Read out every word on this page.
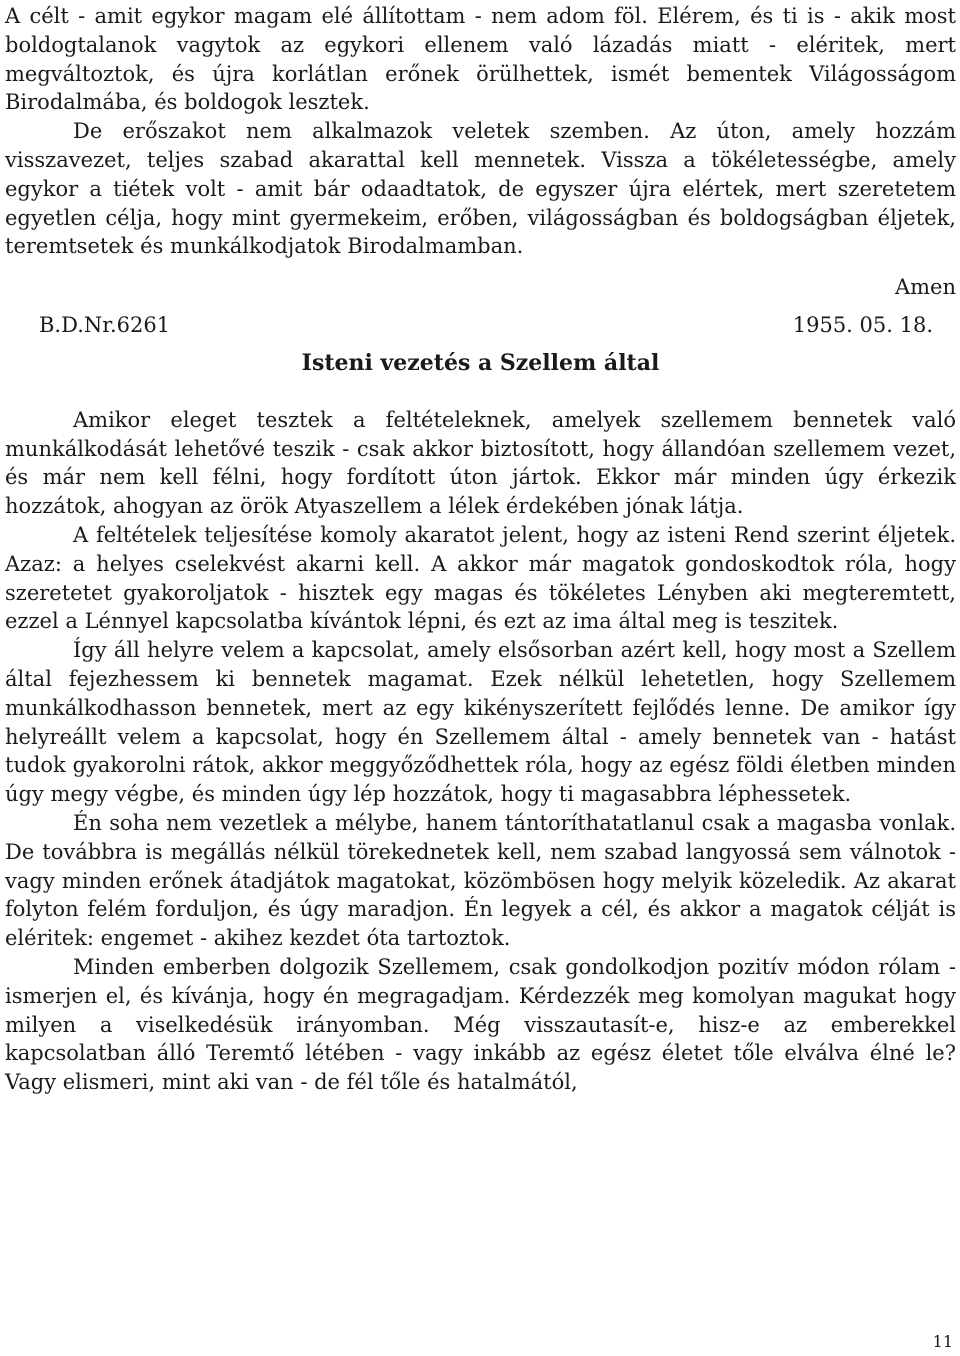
A célt - amit egykor magam elé állítottam - nem adom föl. Elérem, és ti is - akik most boldogtalanok vagytok az egykori ellenem való lázadás miatt - eléritek, mert megváltoztok, és újra korlátlan erőnek örülhettek, ismét bementek Világosságom Birodalmába, és boldogok lesztek.

De erőszakot nem alkalmazok veletek szemben. Az úton, amely hozzám visszavezet, teljes szabad akarattal kell mennetek. Vissza a tökéletességbe, amely egykor a tiétek volt - amit bár odaadtatok, de egyszer újra elértek, mert szeretetem egyetlen célja, hogy mint gyermekeim, erőben, világosságban és boldogságban éljetek, teremtsetek és munkálkodjatok Birodalmamban.

Amen

B.D.Nr.6261	1955. 05. 18.
Isteni vezetés a Szellem által

Amikor eleget tesztek a feltételeknek, amelyek szellemem bennetek való munkálkodását lehetővé teszik - csak akkor biztosított, hogy állandóan szellemem vezet, és már nem kell félni, hogy fordított úton jártok. Ekkor már minden úgy érkezik hozzátok, ahogyan az örök Atyaszellem a lélek érdekében jónak látja.

A feltételek teljesítése komoly akaratot jelent, hogy az isteni Rend szerint éljetek. Azaz: a helyes cselekvést akarni kell. A akkor már magatok gondoskodtok róla, hogy szeretetet gyakoroljatok - hisztek egy magas és tökéletes Lényben aki megteremtett, ezzel a Lénnyel kapcsolatba kívántok lépni, és ezt az ima által meg is teszitek.

Így áll helyre velem a kapcsolat, amely elsősorban azért kell, hogy most a Szellem által fejezhessem ki bennetek magamat. Ezek nélkül lehetetlen, hogy Szellemem munkálkodhasson bennetek, mert az egy kikényszerített fejlődés lenne. De amikor így helyreállt velem a kapcsolat, hogy én Szellemem által - amely bennetek van - hatást tudok gyakorolni rátok, akkor meggyőződhettek róla, hogy az egész földi életben minden úgy megy végbe, és minden úgy lép hozzátok, hogy ti magasabbra léphessetek.

Én soha nem vezetlek a mélybe, hanem tántoríthatatlanul csak a magasba vonlak. De továbbra is megállás nélkül törekednetek kell, nem szabad langyossá sem válnotok - vagy minden erőnek átadjátok magatokat, közömbösen hogy melyik közeledik. Az akarat folyton felém forduljon, és úgy maradjon. Én legyek a cél, és akkor a magatok célját is eléritek: engemet - akihez kezdet óta tartoztok.

Minden emberben dolgozik Szellemem, csak gondolkodjon pozitív módon rólam - ismerjen el, és kívánja, hogy én megragadjam. Kérdezzék meg komolyan magukat hogy milyen a viselkedésük irányomban. Még visszautasít-e, hisz-e az emberekkel kapcsolatban álló Teremtő létében - vagy inkább az egész életet tőle elválva élné le? Vagy elismeri, mint aki van - de fél tőle és hatalmától,

11
